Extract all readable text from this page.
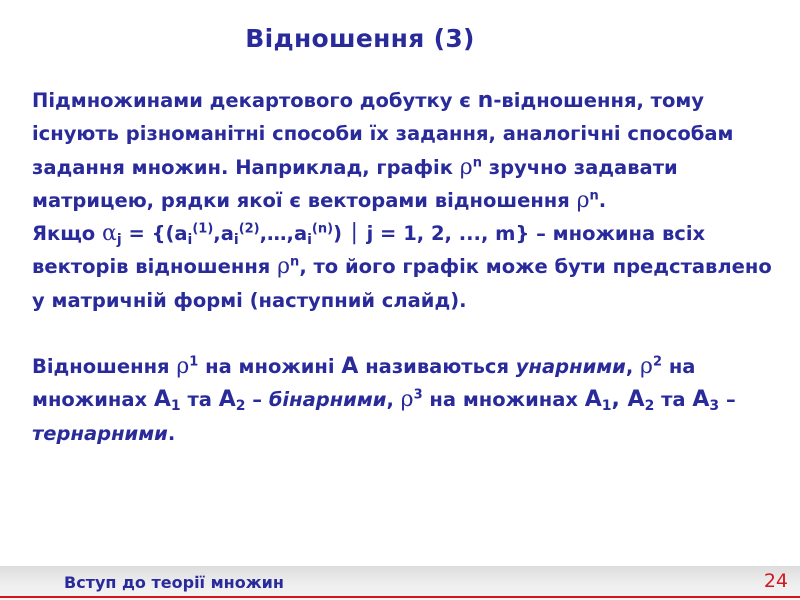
Відношення (3)
Підмножинами декартового добутку є n-відношення, тому існують різноманітні способи їх задання, аналогічні способам задання множин. Наприклад, графік $\rho^n$ зручно задавати матрицею, рядки якої є векторами відношення $\rho^n$.
Якщо $\alpha_j$ = {$(a_i^{(1)},a_i^{(2)},\dots,a_i^{(n)})$ ⏐ j = 1, 2, ..., m} – множина всіх векторів відношення $\rho^n$, то його графік може бути представлено у матричній формі (наступний слайд).
Відношення $\rho^1$ на множині A називаються унарними, $\rho^2$ на множинах $A_1$ та $A_2$ – бінарними, $\rho^3$ на множинах $A_1$, $A_2$ та $A_3$ – тернарними.
Вступ до теорії множин	24
